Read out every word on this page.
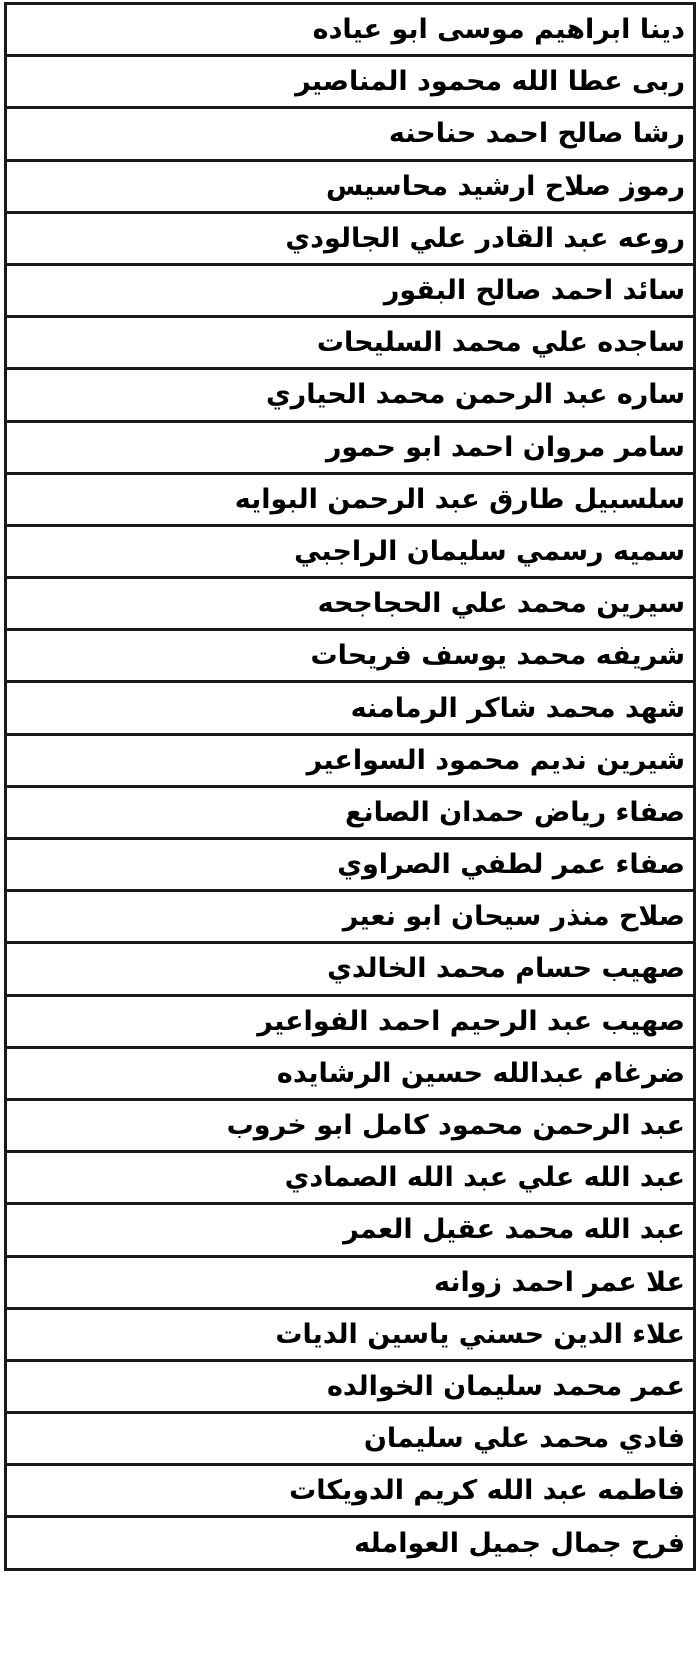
دينا ابراهيم موسى ابو عياده
ربى عطا الله محمود المناصير
رشا صالح احمد حناحنه
رموز صلاح ارشيد محاسيس
روعه عبد القادر علي الجالودي
سائد احمد صالح البقور
ساجده علي محمد السليحات
ساره عبد الرحمن محمد الحياري
سامر مروان احمد ابو حمور
سلسبيل طارق عبد الرحمن البوايه
سميه رسمي سليمان الراجبي
سيرين محمد علي الحجاجحه
شريفه محمد يوسف فريحات
شهد محمد شاكر الرمامنه
شيرين نديم محمود السواعير
صفاء رياض حمدان الصانع
صفاء عمر لطفي الصراوي
صلاح منذر سيحان ابو نعير
صهيب حسام محمد الخالدي
صهيب عبد الرحيم احمد الفواعير
ضرغام عبدالله حسين الرشايده
عبد الرحمن محمود كامل ابو خروب
عبد الله علي عبد الله الصمادي
عبد الله محمد عقيل العمر
علا عمر احمد زوانه
علاء الدين حسني ياسين الديات
عمر محمد سليمان الخوالده
فادي محمد علي سليمان
فاطمه عبد الله كريم الدويكات
فرح جمال جميل العوامله
